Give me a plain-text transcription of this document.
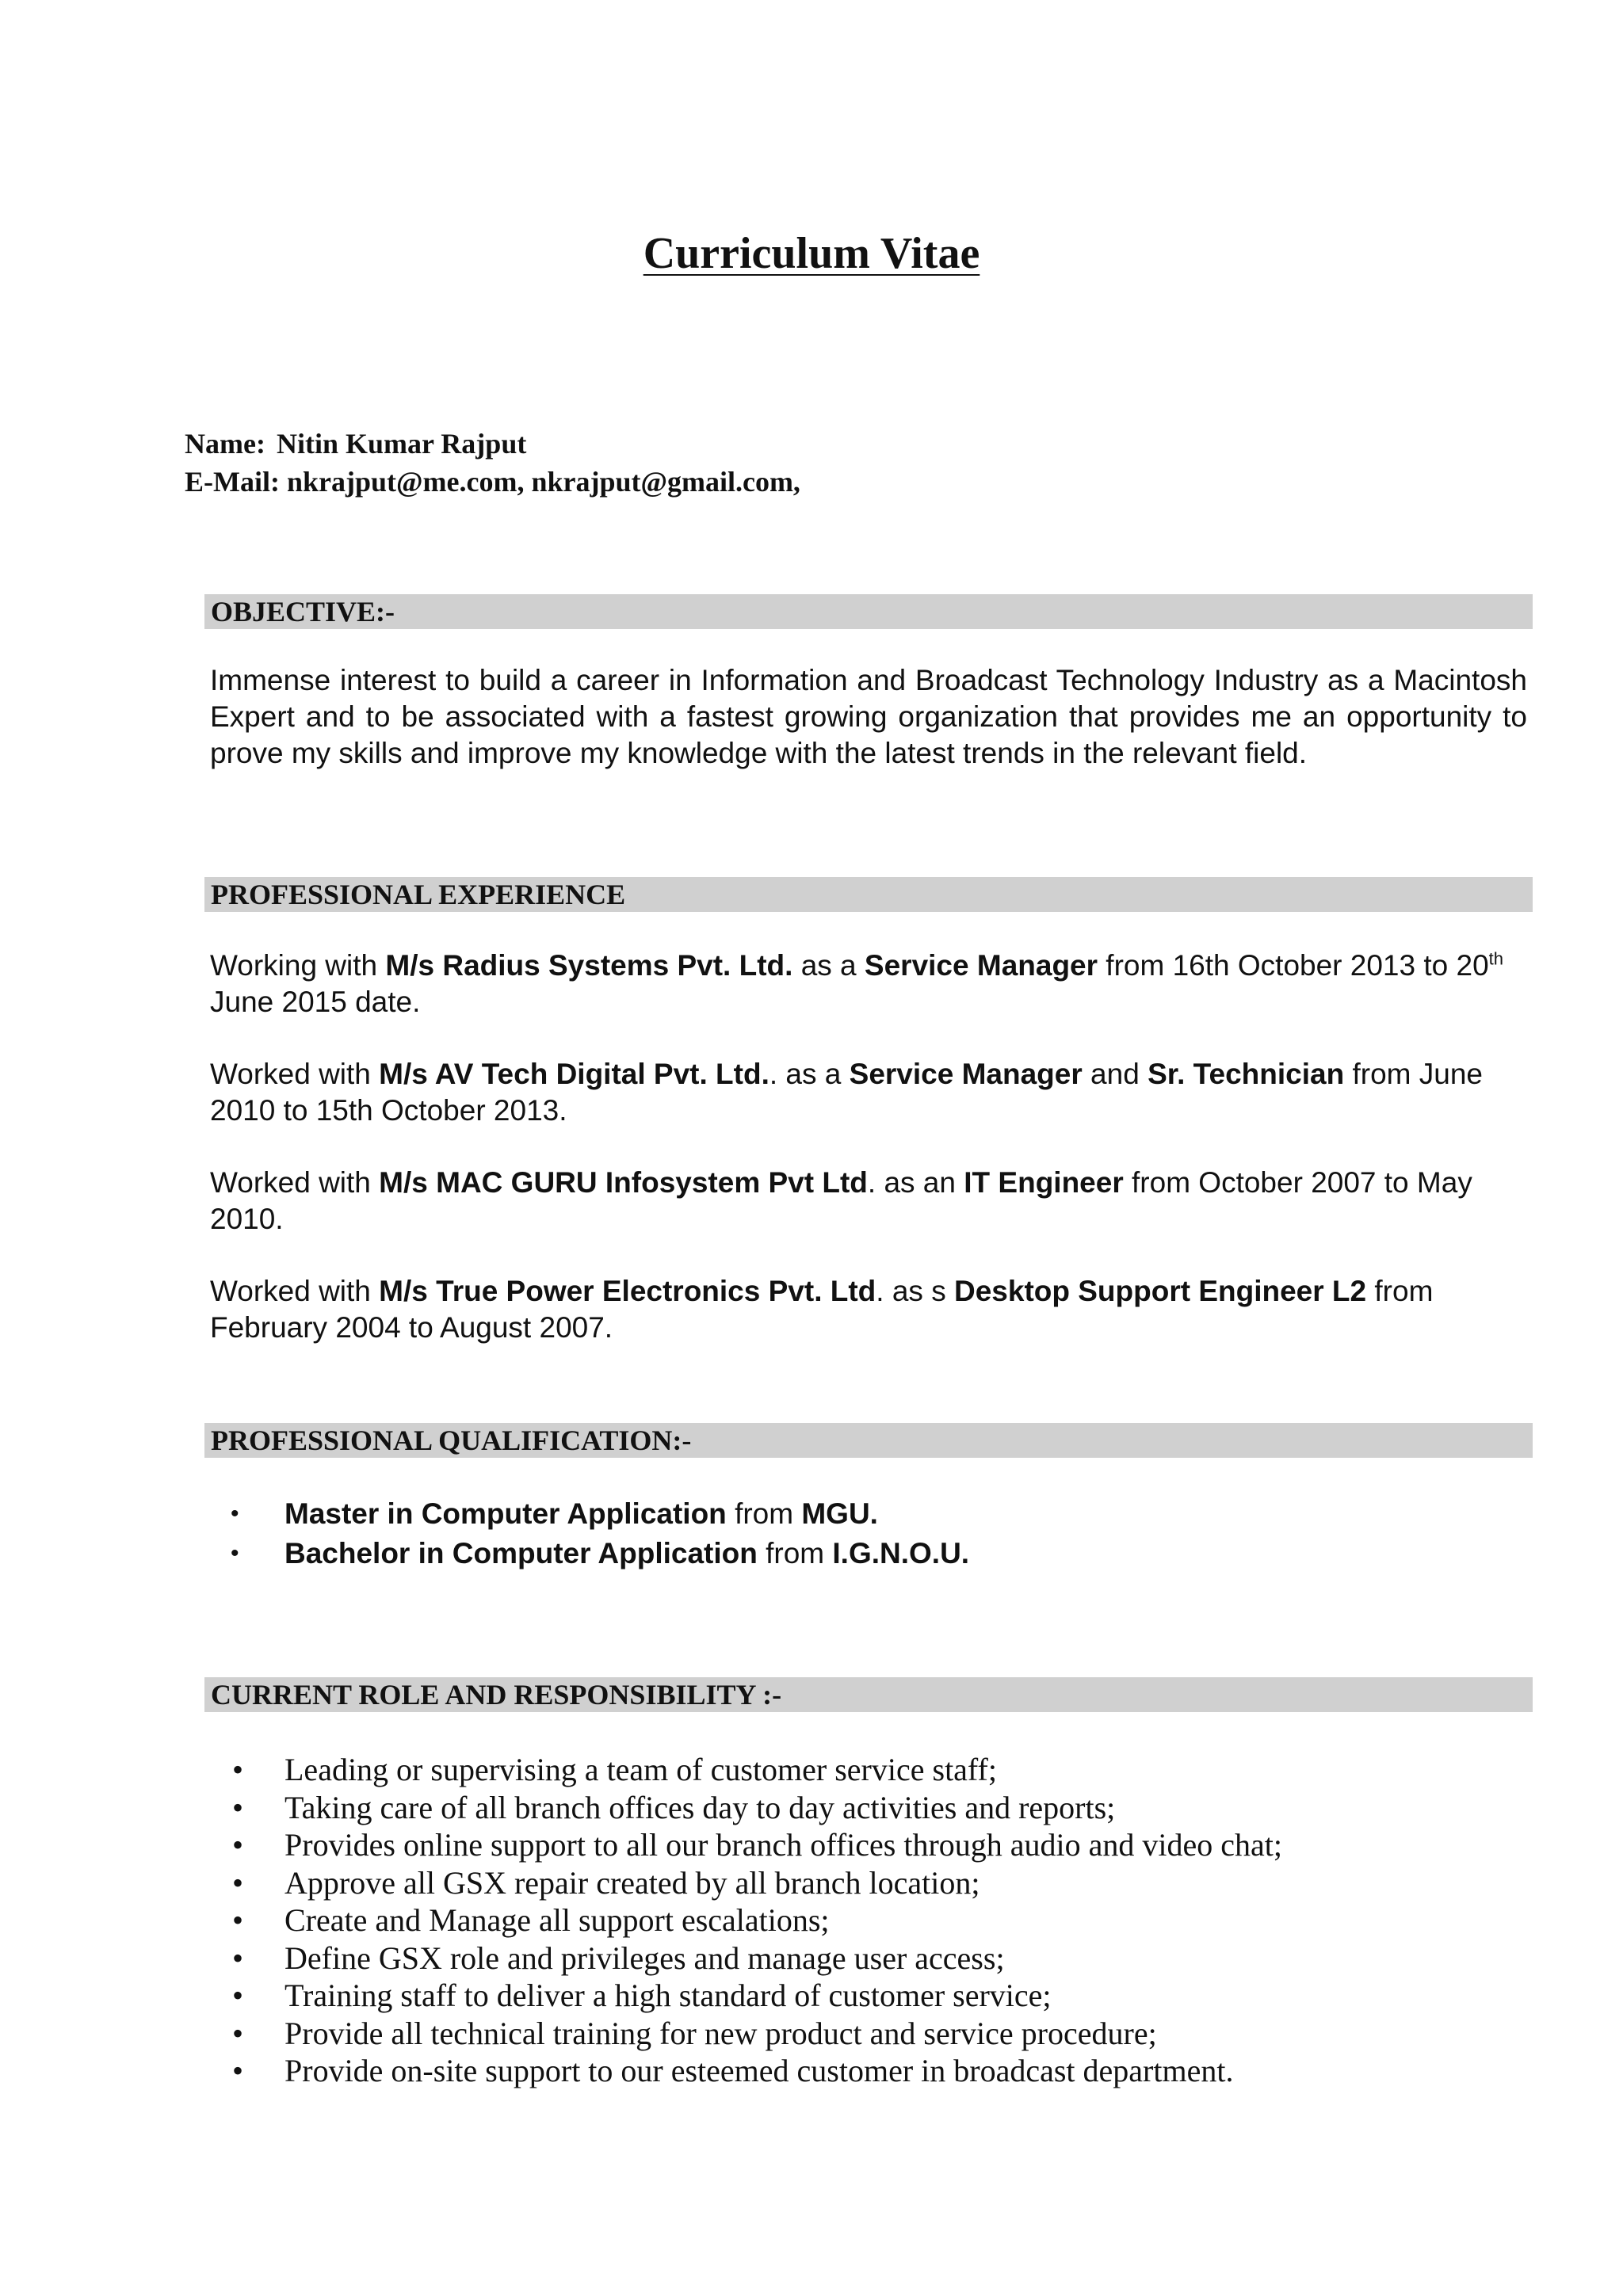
Curriculum Vitae
Name: Nitin Kumar Rajput
E-Mail: nkrajput@me.com, nkrajput@gmail.com,
OBJECTIVE:-
Immense interest to build a career in Information and Broadcast Technology Industry as a Macintosh Expert and to be associated with a fastest growing organization that provides me an opportunity to prove my skills and improve my knowledge with the latest trends in the relevant field.
PROFESSIONAL EXPERIENCE
Working with M/s Radius Systems Pvt. Ltd. as a Service Manager from 16th October 2013 to 20th June 2015 date.
Worked with M/s AV Tech Digital Pvt. Ltd.. as a Service Manager and Sr. Technician from June 2010 to 15th October 2013.
Worked with M/s MAC GURU Infosystem Pvt Ltd. as an IT Engineer from October 2007 to May 2010.
Worked with M/s True Power Electronics Pvt. Ltd. as s Desktop Support Engineer L2 from February 2004 to August 2007.
PROFESSIONAL QUALIFICATION:-
• Master in Computer Application from MGU.
• Bachelor in Computer Application from I.G.N.O.U.
CURRENT ROLE AND RESPONSIBILITY :-
• Leading or supervising a team of customer service staff;
• Taking care of all branch offices day to day activities and reports;
• Provides online support to all our branch offices through audio and video chat;
• Approve all GSX repair created by all branch location;
• Create and Manage all support escalations;
• Define GSX role and privileges and manage user access;
• Training staff to deliver a high standard of customer service;
• Provide all technical training for new product and service procedure;
• Provide on-site support to our esteemed customer in broadcast department.
